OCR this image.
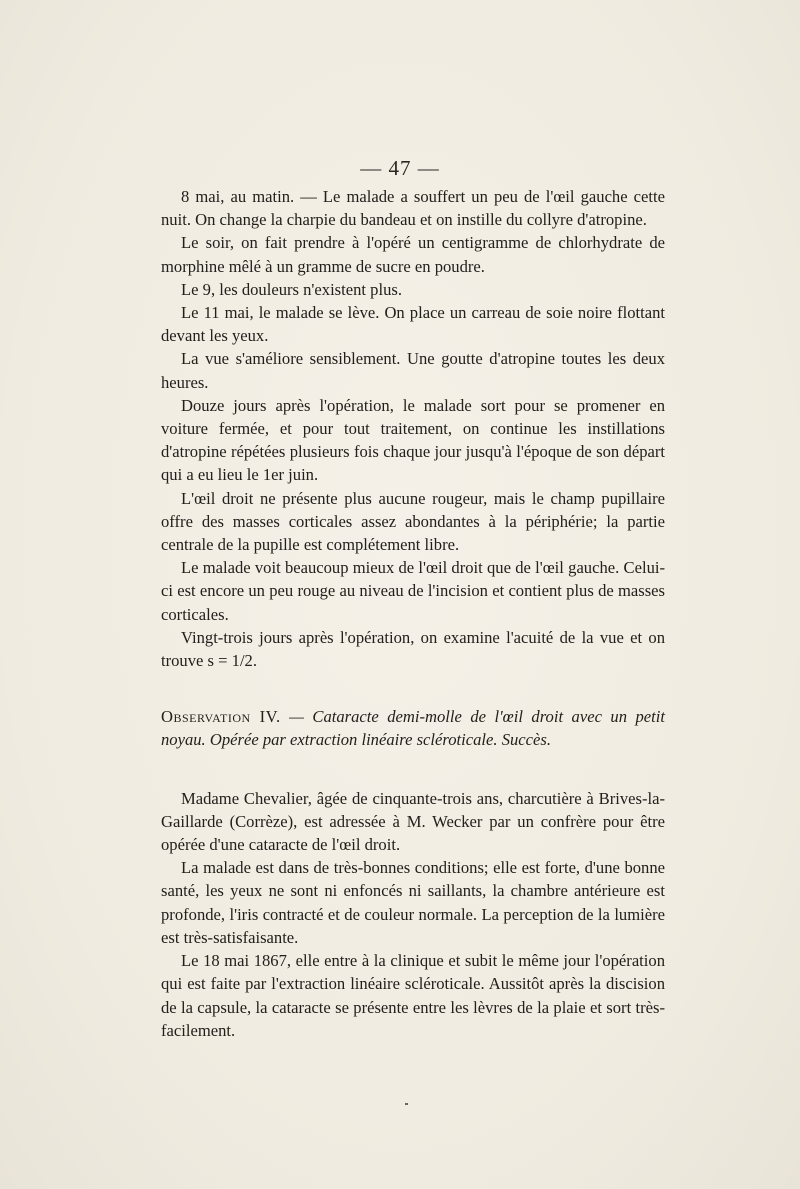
— 47 —

8 mai, au matin. — Le malade a souffert un peu de l'œil gauche cette nuit. On change la charpie du bandeau et on instille du collyre d'atropine.

Le soir, on fait prendre à l'opéré un centigramme de chlorhydrate de morphine mêlé à un gramme de sucre en poudre.

Le 9, les douleurs n'existent plus.

Le 11 mai, le malade se lève. On place un carreau de soie noire flottant devant les yeux.

La vue s'améliore sensiblement. Une goutte d'atropine toutes les deux heures.

Douze jours après l'opération, le malade sort pour se promener en voiture fermée, et pour tout traitement, on continue les instillations d'atropine répétées plusieurs fois chaque jour jusqu'à l'époque de son départ qui a eu lieu le 1er juin.

L'œil droit ne présente plus aucune rougeur, mais le champ pupillaire offre des masses corticales assez abondantes à la périphérie; la partie centrale de la pupille est complétement libre.

Le malade voit beaucoup mieux de l'œil droit que de l'œil gauche. Celui-ci est encore un peu rouge au niveau de l'incision et contient plus de masses corticales.

Vingt-trois jours après l'opération, on examine l'acuité de la vue et on trouve s = 1/2.

Observation IV. — Cataracte demi-molle de l'œil droit avec un petit noyau. Opérée par extraction linéaire scléroticale. Succès.

Madame Chevalier, âgée de cinquante-trois ans, charcutière à Brives-la-Gaillarde (Corrèze), est adressée à M. Wecker par un confrère pour être opérée d'une cataracte de l'œil droit.

La malade est dans de très-bonnes conditions; elle est forte, d'une bonne santé, les yeux ne sont ni enfoncés ni saillants, la chambre antérieure est profonde, l'iris contracté et de couleur normale. La perception de la lumière est très-satisfaisante.

Le 18 mai 1867, elle entre à la clinique et subit le même jour l'opération qui est faite par l'extraction linéaire scléroticale. Aussitôt après la discision de la capsule, la cataracte se présente entre les lèvres de la plaie et sort très-facilement.
